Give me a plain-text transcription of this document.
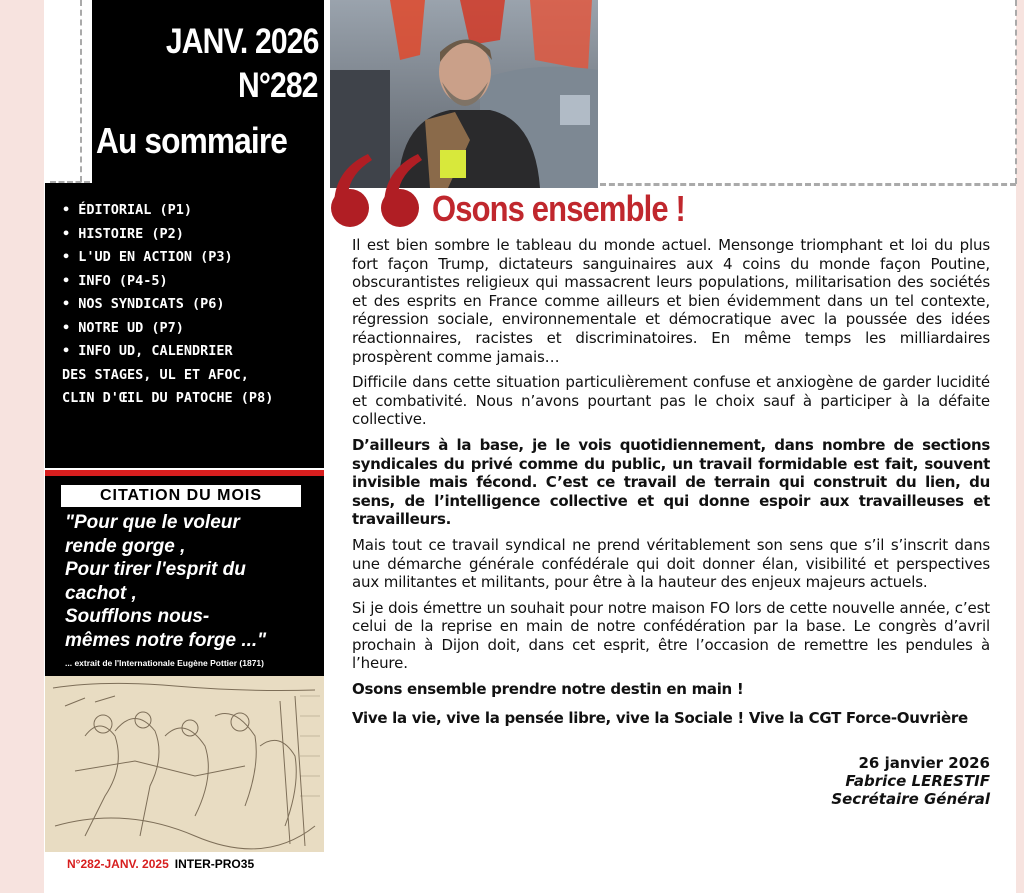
JANV. 2026
N°282
Au sommaire
• ÉDITORIAL (P1)
• HISTOIRE (P2)
• L'UD EN ACTION (P3)
• INFO (P4-5)
• NOS SYNDICATS (P6)
• NOTRE UD (P7)
• INFO UD, CALENDRIER
DES STAGES, UL ET AFOC,
CLIN D'ŒIL DU PATOCHE (P8)
CITATION DU MOIS
"Pour que le voleur
rende gorge ,
Pour tirer l'esprit du
cachot ,
Soufflons nous-
mêmes notre forge ..."
... extrait de l'Internationale Eugène Pottier (1871)
N°282-JANV. 2025 INTER-PRO35
Osons ensemble !

Il est bien sombre le tableau du monde actuel. Mensonge triomphant et loi du plus fort façon Trump, dictateurs sanguinaires aux 4 coins du monde façon Poutine, obscurantistes religieux qui massacrent leurs populations, militarisation des sociétés et des esprits en France comme ailleurs et bien évidemment dans un tel contexte, régression sociale, environnementale et démocratique avec la poussée des idées réactionnaires, racistes et discriminatoires. En même temps les milliardaires prospèrent comme jamais…

Difficile dans cette situation particulièrement confuse et anxiogène de garder lucidité et combativité. Nous n’avons pourtant pas le choix sauf à participer à la défaite collective.

D’ailleurs à la base, je le vois quotidiennement, dans nombre de sections syndicales du privé comme du public, un travail formidable est fait, souvent invisible mais fécond. C’est ce travail de terrain qui construit du lien, du sens, de l’intelligence collective et qui donne espoir aux travailleuses et travailleurs.

Mais tout ce travail syndical ne prend véritablement son sens que s’il s’inscrit dans une démarche générale confédérale qui doit donner élan, visibilité et perspectives aux militantes et militants, pour être à la hauteur des enjeux majeurs actuels.

Si je dois émettre un souhait pour notre maison FO lors de cette nouvelle année, c’est celui de la reprise en main de notre confédération par la base. Le congrès d’avril prochain à Dijon doit, dans cet esprit, être l’occasion de remettre les pendules à l’heure.

Osons ensemble prendre notre destin en main !

Vive la vie, vive la pensée libre, vive la Sociale ! Vive la CGT Force-Ouvrière

26 janvier 2026
Fabrice LERESTIF
Secrétaire Général
